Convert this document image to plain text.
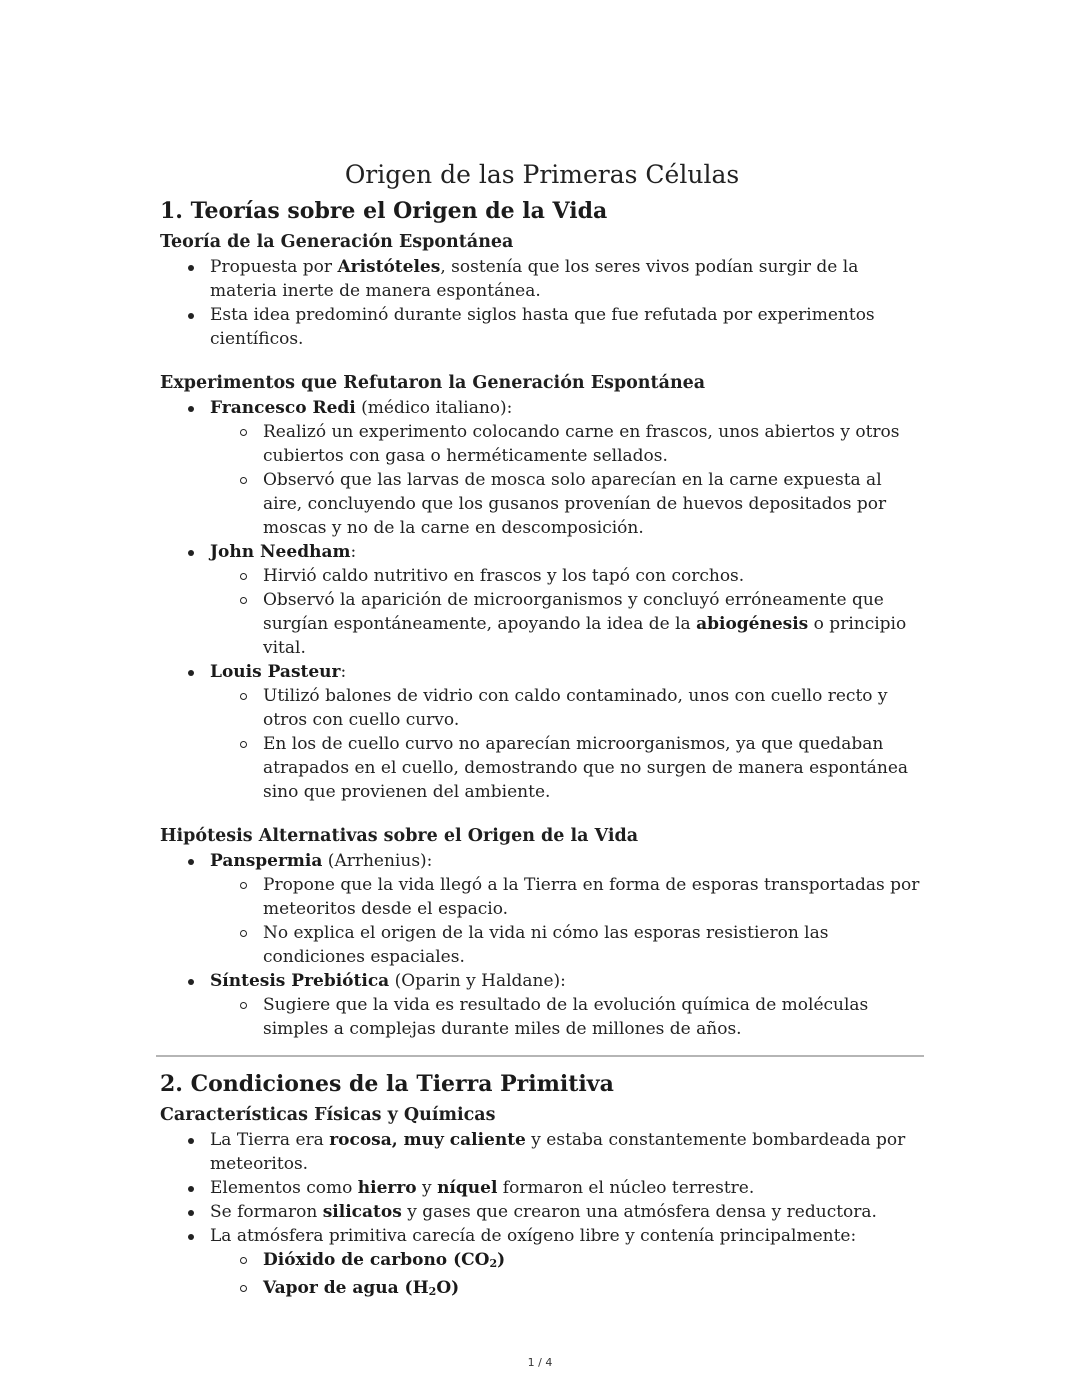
Origen de las Primeras Células
1. Teorías sobre el Origen de la Vida
Teoría de la Generación Espontánea
Propuesta por Aristóteles, sostenía que los seres vivos podían surgir de la materia inerte de manera espontánea.
Esta idea predominó durante siglos hasta que fue refutada por experimentos científicos.
Experimentos que Refutaron la Generación Espontánea
Francesco Redi (médico italiano):
Realizó un experimento colocando carne en frascos, unos abiertos y otros cubiertos con gasa o herméticamente sellados.
Observó que las larvas de mosca solo aparecían en la carne expuesta al aire, concluyendo que los gusanos provenían de huevos depositados por moscas y no de la carne en descomposición.
John Needham:
Hirvió caldo nutritivo en frascos y los tapó con corchos.
Observó la aparición de microorganismos y concluyó erróneamente que surgían espontáneamente, apoyando la idea de la abiogénesis o principio vital.
Louis Pasteur:
Utilizó balones de vidrio con caldo contaminado, unos con cuello recto y otros con cuello curvo.
En los de cuello curvo no aparecían microorganismos, ya que quedaban atrapados en el cuello, demostrando que no surgen de manera espontánea sino que provienen del ambiente.
Hipótesis Alternativas sobre el Origen de la Vida
Panspermia (Arrhenius):
Propone que la vida llegó a la Tierra en forma de esporas transportadas por meteoritos desde el espacio.
No explica el origen de la vida ni cómo las esporas resistieron las condiciones espaciales.
Síntesis Prebiótica (Oparin y Haldane):
Sugiere que la vida es resultado de la evolución química de moléculas simples a complejas durante miles de millones de años.
2. Condiciones de la Tierra Primitiva
Características Físicas y Químicas
La Tierra era rocosa, muy caliente y estaba constantemente bombardeada por meteoritos.
Elementos como hierro y níquel formaron el núcleo terrestre.
Se formaron silicatos y gases que crearon una atmósfera densa y reductora.
La atmósfera primitiva carecía de oxígeno libre y contenía principalmente:
Dióxido de carbono $(CO_2)$
Vapor de agua $(H_2O)$
1 / 4
